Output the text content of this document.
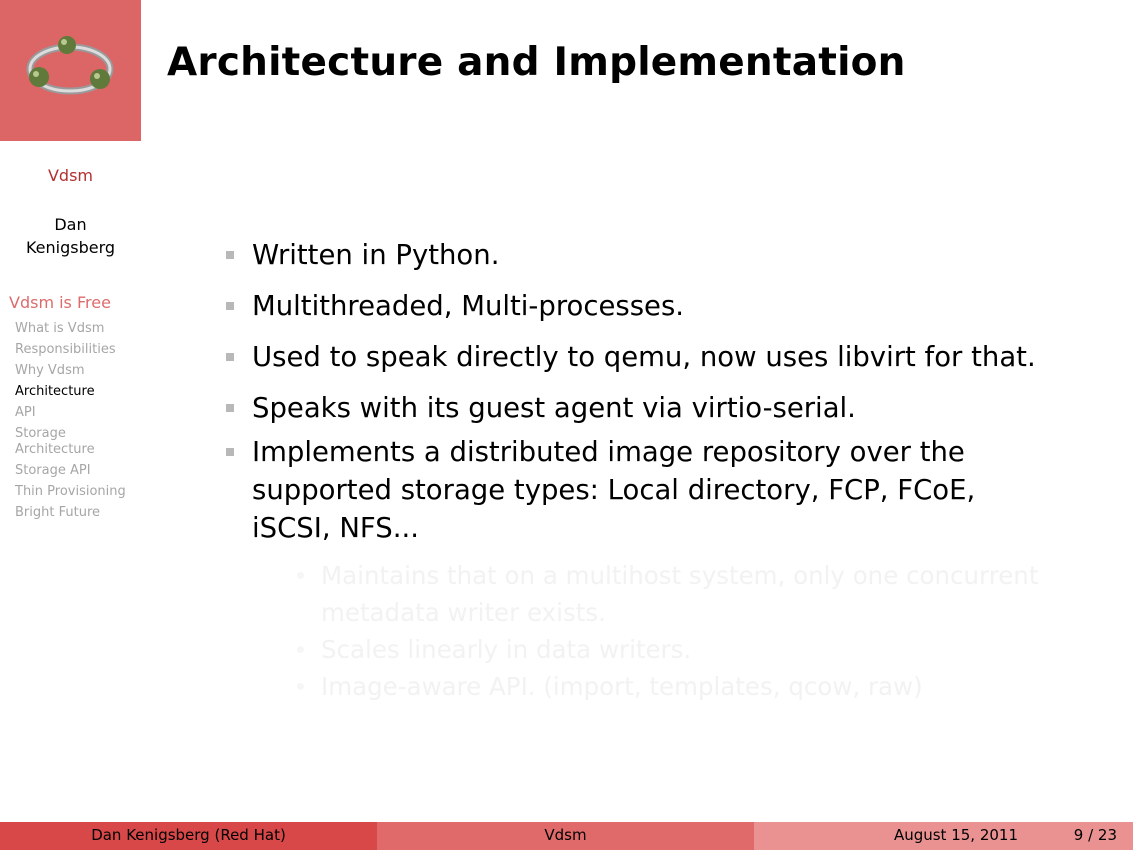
Architecture and Implementation
Vdsm
Dan
Kenigsberg
Vdsm is Free
What is Vdsm
Responsibilities
Why Vdsm
Architecture
API
Storage Architecture
Storage API
Thin Provisioning
Bright Future
Written in Python.
Multithreaded, Multi-processes.
Used to speak directly to qemu, now uses libvirt for that.
Speaks with its guest agent via virtio-serial.
Implements a distributed image repository over the supported storage types: Local directory, FCP, FCoE, iSCSI, NFS...
Maintains that on a multihost system, only one concurrent metadata writer exists.
Scales linearly in data writers.
Image-aware API. (import, templates, qcow, raw)
Dan Kenigsberg (Red Hat)	Vdsm	August 15, 2011	9 / 23
